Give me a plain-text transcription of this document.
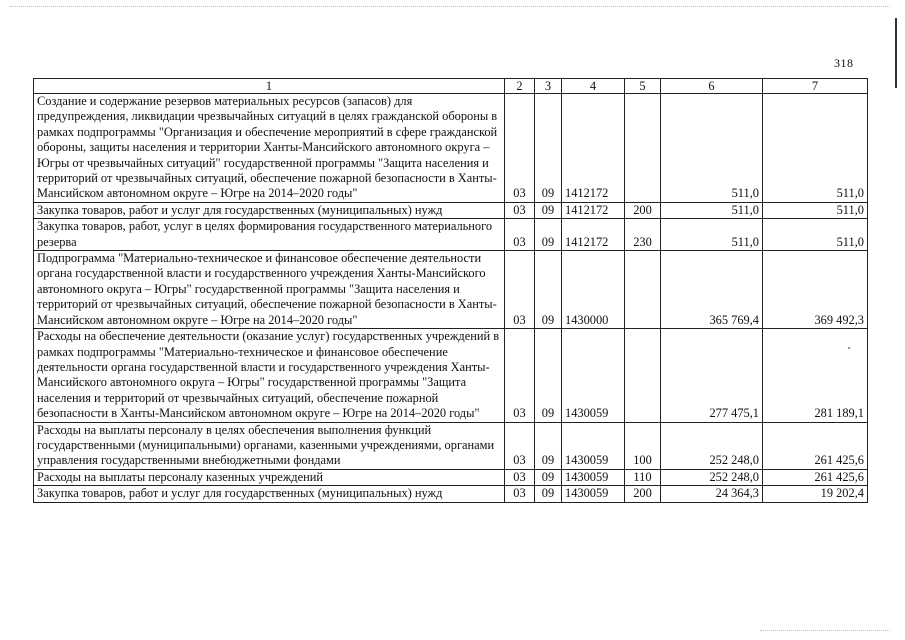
318
1	2	3	4	5	6	7
Создание и содержание резервов материальных ресурсов (запасов) для предупреждения, ликвидации чрезвычайных ситуаций в целях гражданской обороны в рамках подпрограммы "Организация и обеспечение мероприятий в сфере гражданской обороны, защиты населения и территории Ханты-Мансийского автономного округа – Югры от чрезвычайных ситуаций" государственной программы "Защита населения и территорий от чрезвычайных ситуаций, обеспечение пожарной безопасности в Ханты-Мансийском автономном округе – Югре на 2014–2020 годы"	03	09	1412172		511,0	511,0
Закупка товаров, работ и услуг для государственных (муниципальных) нужд	03	09	1412172	200	511,0	511,0
Закупка товаров, работ, услуг в целях формирования государственного материального резерва	03	09	1412172	230	511,0	511,0
Подпрограмма "Материально-техническое и финансовое обеспечение деятельности органа государственной власти и государственного учреждения Ханты-Мансийского автономного округа – Югры" государственной программы "Защита населения и территорий от чрезвычайных ситуаций, обеспечение пожарной безопасности в Ханты-Мансийском автономном округе – Югре на 2014–2020 годы"	03	09	1430000		365 769,4	369 492,3
Расходы на обеспечение деятельности (оказание услуг) государственных учреждений в рамках подпрограммы "Материально-техническое и финансовое обеспечение деятельности органа государственной власти и государственного учреждения Ханты-Мансийского автономного округа – Югры" государственной программы "Защита населения и территорий от чрезвычайных ситуаций, обеспечение пожарной безопасности в Ханты-Мансийском автономном округе – Югре на 2014–2020 годы"	03	09	1430059		277 475,1	281 189,1
Расходы на выплаты персоналу в целях обеспечения выполнения функций государственными (муниципальными) органами, казенными учреждениями, органами управления государственными внебюджетными фондами	03	09	1430059	100	252 248,0	261 425,6
Расходы на выплаты персоналу казенных учреждений	03	09	1430059	110	252 248,0	261 425,6
Закупка товаров, работ и услуг для государственных (муниципальных) нужд	03	09	1430059	200	24 364,3	19 202,4
